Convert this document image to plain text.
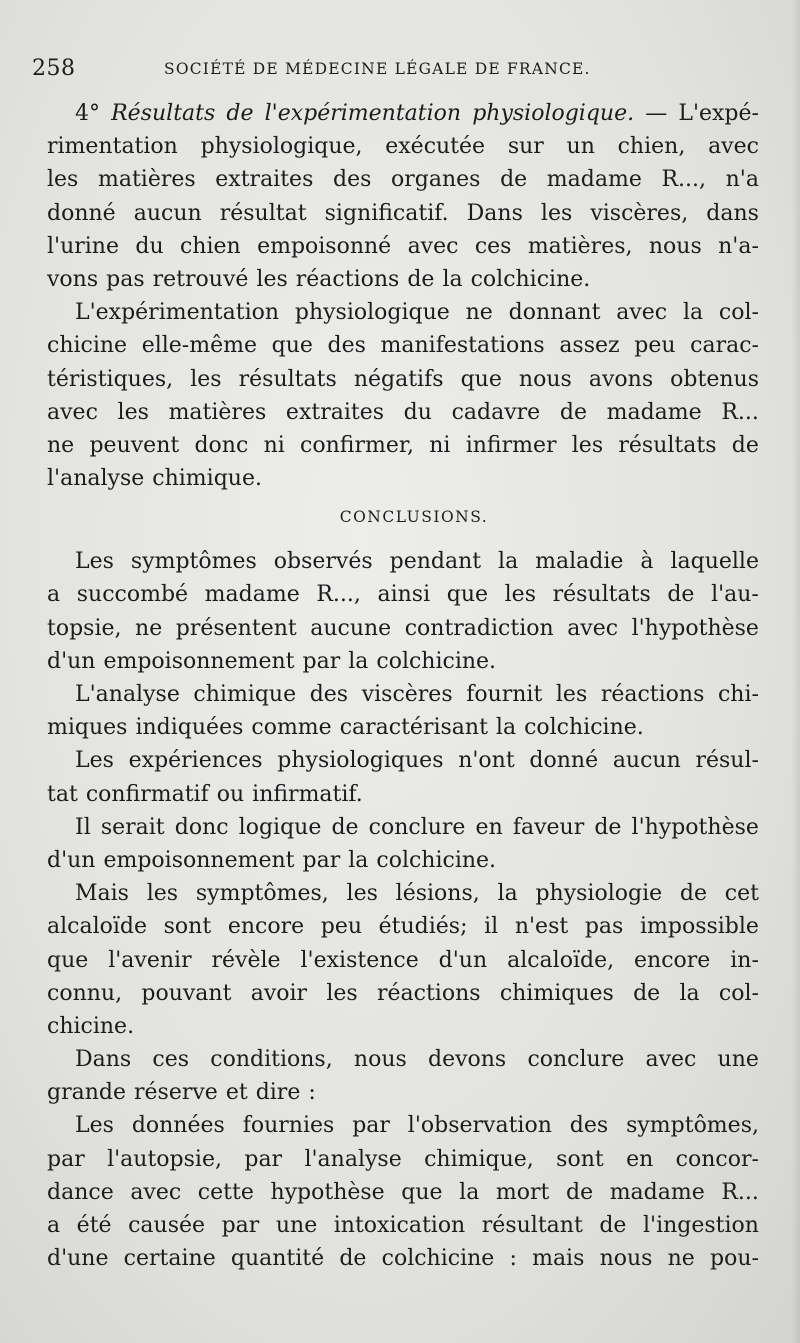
258	SOCIÉTÉ DE MÉDECINE LÉGALE DE FRANCE.
4° Résultats de l'expérimentation physiologique. — L'expé-
rimentation physiologique, exécutée sur un chien, avec
les matières extraites des organes de madame R..., n'a
donné aucun résultat significatif. Dans les viscères, dans
l'urine du chien empoisonné avec ces matières, nous n'a-
vons pas retrouvé les réactions de la colchicine.
L'expérimentation physiologique ne donnant avec la col-
chicine elle-même que des manifestations assez peu carac-
téristiques, les résultats négatifs que nous avons obtenus
avec les matières extraites du cadavre de madame R...
ne peuvent donc ni confirmer, ni infirmer les résultats de
l'analyse chimique.
CONCLUSIONS.
Les symptômes observés pendant la maladie à laquelle
a succombé madame R..., ainsi que les résultats de l'au-
topsie, ne présentent aucune contradiction avec l'hypothèse
d'un empoisonnement par la colchicine.
L'analyse chimique des viscères fournit les réactions chi-
miques indiquées comme caractérisant la colchicine.
Les expériences physiologiques n'ont donné aucun résul-
tat confirmatif ou infirmatif.
Il serait donc logique de conclure en faveur de l'hypothèse
d'un empoisonnement par la colchicine.
Mais les symptômes, les lésions, la physiologie de cet
alcaloïde sont encore peu étudiés; il n'est pas impossible
que l'avenir révèle l'existence d'un alcaloïde, encore in-
connu, pouvant avoir les réactions chimiques de la col-
chicine.
Dans ces conditions, nous devons conclure avec une
grande réserve et dire :
Les données fournies par l'observation des symptômes,
par l'autopsie, par l'analyse chimique, sont en concor-
dance avec cette hypothèse que la mort de madame R...
a été causée par une intoxication résultant de l'ingestion
d'une certaine quantité de colchicine : mais nous ne pou-
